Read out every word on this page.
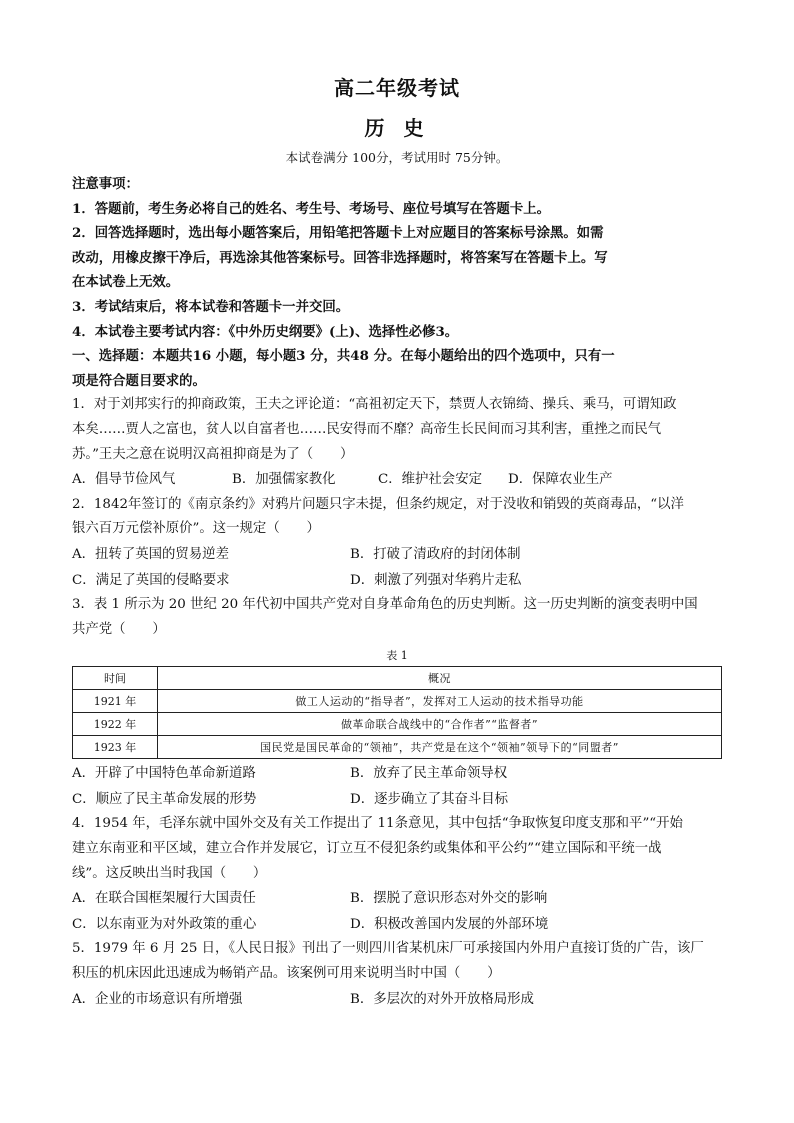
高二年级考试
历 史
本试卷满分 100分，考试用时 75分钟。
注意事项：
1．答题前，考生务必将自己的姓名、考生号、考场号、座位号填写在答题卡上。
2．回答选择题时，选出每小题答案后，用铅笔把答题卡上对应题目的答案标号涂黑。如需
改动，用橡皮擦干净后，再选涂其他答案标号。回答非选择题时，将答案写在答题卡上。写
在本试卷上无效。
3．考试结束后，将本试卷和答题卡一并交回。
4．本试卷主要考试内容：《中外历史纲要》(上)、选择性必修3。
一、选择题：本题共16 小题，每小题3 分，共48 分。在每小题给出的四个选项中，只有一
项是符合题目要求的。
1．对于刘邦实行的抑商政策，王夫之评论道：“高祖初定天下，禁贾人衣锦绮、操兵、乘马，可谓知政
本矣……贾人之富也，贫人以自富者也……民安得而不靡？高帝生长民间而习其利害，重挫之而民气
苏。”王夫之意在说明汉高祖抑商是为了（　　）
A．倡导节俭风气	B．加强儒家教化	C．维护社会安定	D．保障农业生产
2．1842年签订的《南京条约》对鸦片问题只字未提，但条约规定，对于没收和销毁的英商毒品，“以洋
银六百万元偿补原价”。这一规定（　　）
A．扭转了英国的贸易逆差	B．打破了清政府的封闭体制
C．满足了英国的侵略要求	D．刺激了列强对华鸦片走私
3．表 1 所示为 20 世纪 20 年代初中国共产党对自身革命角色的历史判断。这一历史判断的演变表明中国
共产党（　　）
表 1
时间	概况
1921 年	做工人运动的“指导者”，发挥对工人运动的技术指导功能
1922 年	做革命联合战线中的“合作者”“监督者”
1923 年	国民党是国民革命的“领袖”，共产党是在这个“领袖”领导下的“同盟者”
A．开辟了中国特色革命新道路	B．放弃了民主革命领导权
C．顺应了民主革命发展的形势	D．逐步确立了其奋斗目标
4．1954 年，毛泽东就中国外交及有关工作提出了 11条意见，其中包括“争取恢复印度支那和平”“开始
建立东南亚和平区域，建立合作并发展它，订立互不侵犯条约或集体和平公约”“建立国际和平统一战
线”。这反映出当时我国（　　）
A．在联合国框架履行大国责任	B．摆脱了意识形态对外交的影响
C．以东南亚为对外政策的重心	D．积极改善国内发展的外部环境
5．1979 年 6 月 25 日，《人民日报》刊出了一则四川省某机床厂可承接国内外用户直接订货的广告，该厂
积压的机床因此迅速成为畅销产品。该案例可用来说明当时中国（　　）
A．企业的市场意识有所增强	B．多层次的对外开放格局形成
